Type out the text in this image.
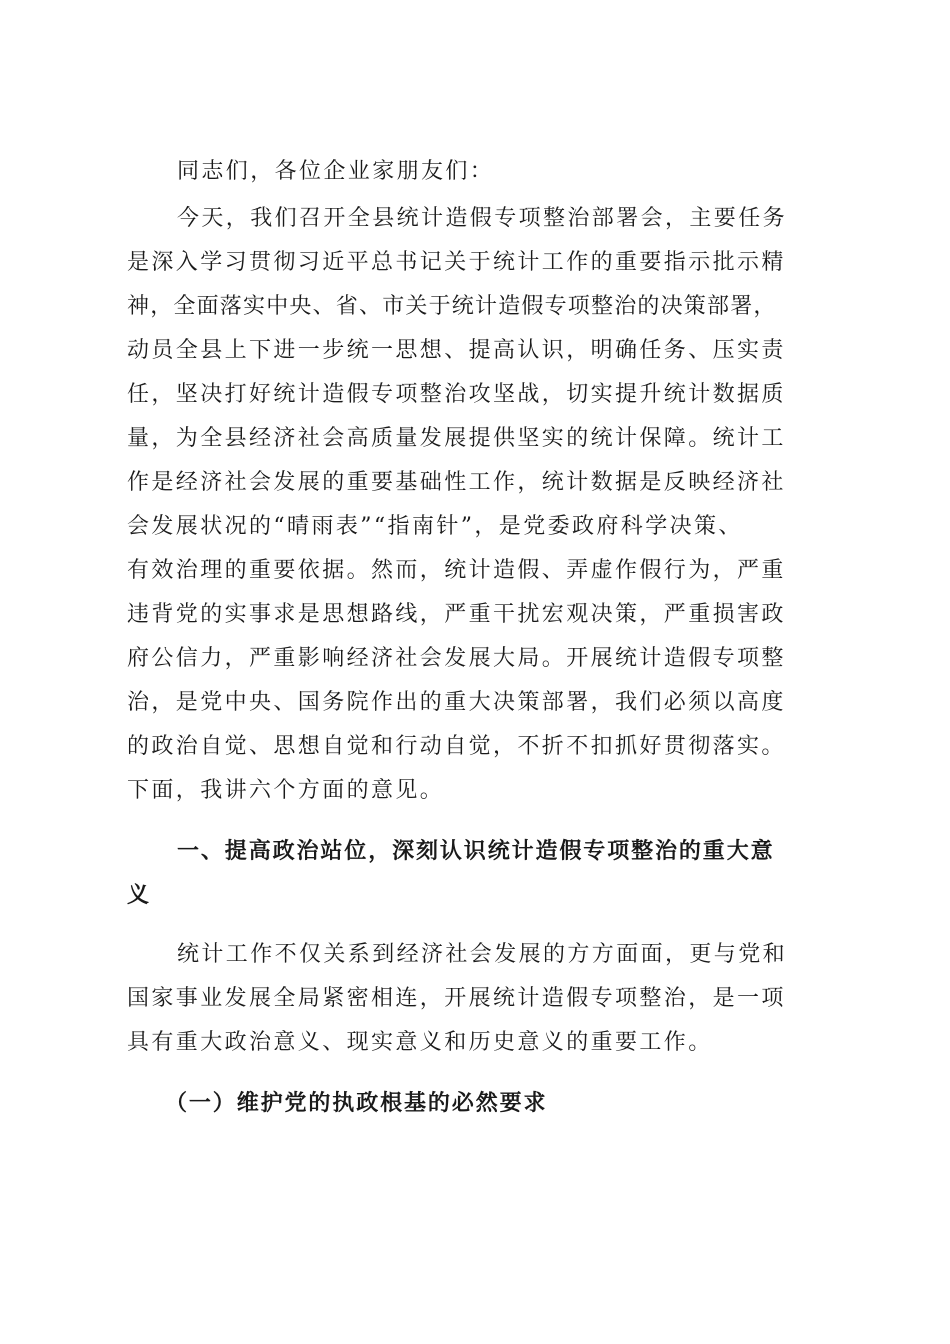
同志们，各位企业家朋友们：
今天，我们召开全县统计造假专项整治部署会，主要任务
是深入学习贯彻习近平总书记关于统计工作的重要指示批示精
神，全面落实中央、省、市关于统计造假专项整治的决策部署，
动员全县上下进一步统一思想、提高认识，明确任务、压实责
任，坚决打好统计造假专项整治攻坚战，切实提升统计数据质
量，为全县经济社会高质量发展提供坚实的统计保障。统计工
作是经济社会发展的重要基础性工作，统计数据是反映经济社
会发展状况的“晴雨表”“指南针”，是党委政府科学决策、
有效治理的重要依据。然而，统计造假、弄虚作假行为，严重
违背党的实事求是思想路线，严重干扰宏观决策，严重损害政
府公信力，严重影响经济社会发展大局。开展统计造假专项整
治，是党中央、国务院作出的重大决策部署，我们必须以高度
的政治自觉、思想自觉和行动自觉，不折不扣抓好贯彻落实。
下面，我讲六个方面的意见。
一、提高政治站位，深刻认识统计造假专项整治的重大意
义
统计工作不仅关系到经济社会发展的方方面面，更与党和
国家事业发展全局紧密相连，开展统计造假专项整治，是一项
具有重大政治意义、现实意义和历史意义的重要工作。
（一）维护党的执政根基的必然要求
